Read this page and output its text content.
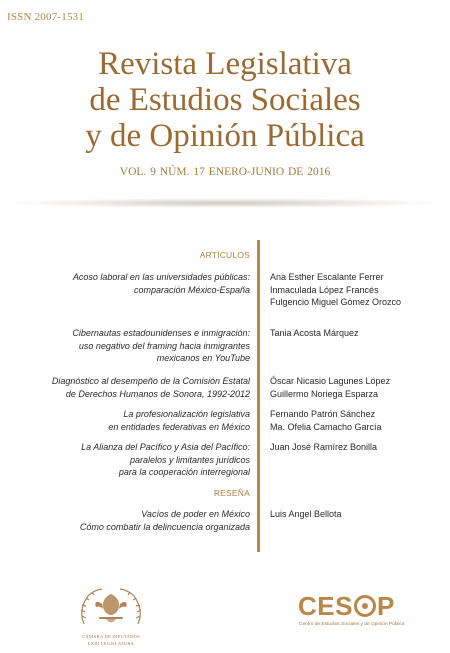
ISSN 2007-1531
Revista Legislativa
de Estudios Sociales
y de Opinión Pública
VOL. 9 NÚM. 17 ENERO-JUNIO DE 2016
ARTÍCULOS
Acoso laboral en las universidades públicas:
comparación México-España
Ana Esther Escalante Ferrer
Inmaculada López Francés
Fulgencio Miguel Gómez Orozco
Cibernautas estadounidenses e inmigración:
uso negativo del framing hacia inmigrantes
mexicanos en YouTube
Tania Acosta Márquez
Diagnóstico al desempeño de la Comisión Estatal
de Derechos Humanos de Sonora, 1992-2012
Óscar Nicasio Lagunes López
Guillermo Noriega Esparza
La profesionalización legislativa
en entidades federativas en México
Fernando Patrón Sánchez
Ma. Ofelia Camacho García
La Alianza del Pacífico y Asia del Pacífico:
paralelos y limitantes jurídicos
para la cooperación interregional
Juan José Ramírez Bonilla
RESEÑA
Vacíos de poder en México
Cómo combatir la delincuencia organizada
Luis Angel Bellota
CÁMARA DE DIPUTADOS
LXIII LEGISLATURA
CES P
Centro de Estudios Sociales y de Opinión Pública
